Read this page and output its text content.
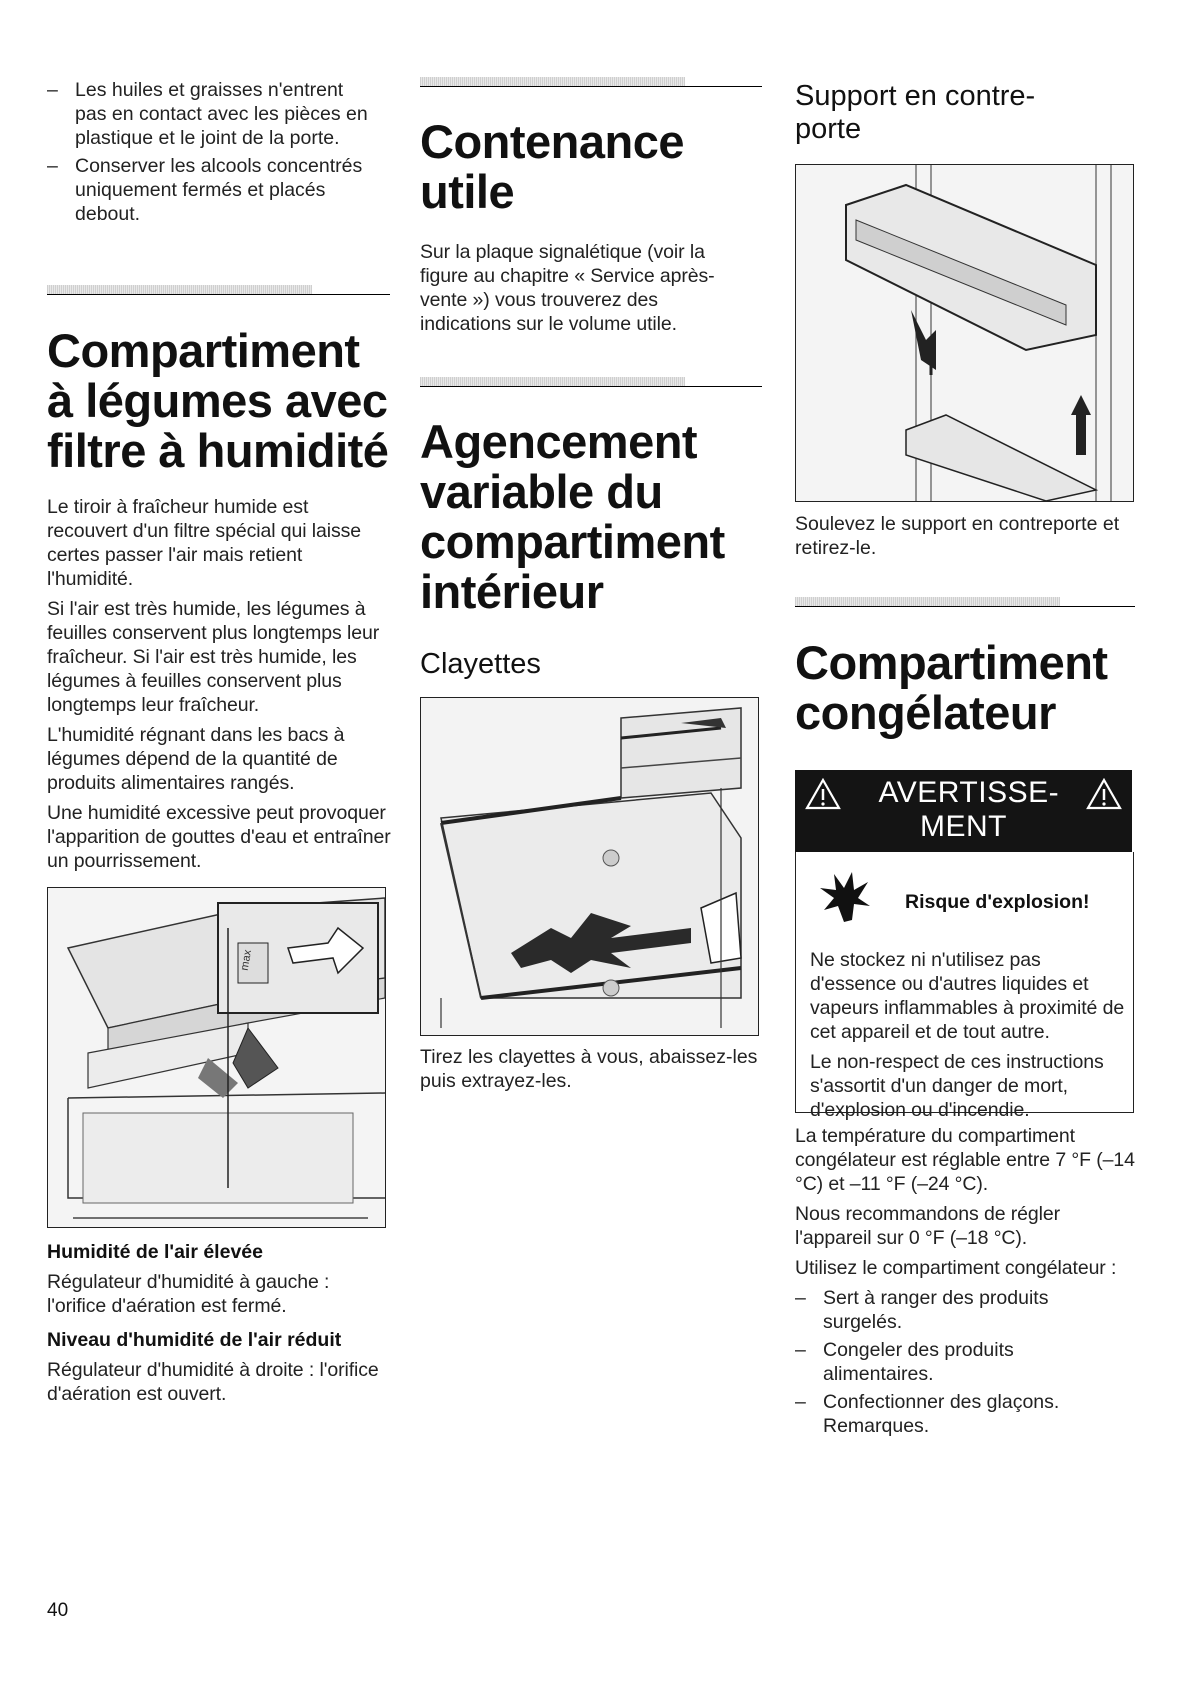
– Les huiles et graisses n'entrent pas en contact avec les pièces en plastique et le joint de la porte.
– Conserver les alcools concentrés uniquement fermés et placés debout.
Compartiment à légumes avec filtre à humidité

Le tiroir à fraîcheur humide est recouvert d'un filtre spécial qui laisse certes passer l'air mais retient l'humidité.

Si l'air est très humide, les légumes à feuilles conservent plus longtemps leur fraîcheur. Si l'air est très humide, les légumes à feuilles conservent plus longtemps leur fraîcheur.

L'humidité régnant dans les bacs à légumes dépend de la quantité de produits alimentaires rangés.

Une humidité excessive peut provoquer l'apparition de gouttes d'eau et entraîner un pourrissement.

max

Humidité de l'air élevée

Régulateur d'humidité à gauche : l'orifice d'aération est fermé.

Niveau d'humidité de l'air réduit

Régulateur d'humidité à droite : l'orifice d'aération est ouvert.

Contenance utile

Sur la plaque signalétique (voir la figure au chapitre « Service après-vente ») vous trouverez des indications sur le volume utile.

Agencement variable du compartiment intérieur
Clayettes

Tirez les clayettes à vous, abaissez-les puis extrayez-les.

Support en contre-porte

Soulevez le support en contreporte et retirez-le.

Compartiment congélateur
AVERTISSE-MENT

Risque d'explosion!

Ne stockez ni n'utilisez pas d'essence ou d'autres liquides et vapeurs inflammables à proximité de cet appareil et de tout autre.

Le non-respect de ces instructions s'assortit d'un danger de mort, d'explosion ou d'incendie.

La température du compartiment congélateur est réglable entre 7 °F (–14 °C) et –11 °F (–24 °C).

Nous recommandons de régler l'appareil sur 0 °F (–18 °C).

Utilisez le compartiment congélateur :

– Sert à ranger des produits surgelés.
– Congeler des produits alimentaires.
– Confectionner des glaçons. Remarques.
40
